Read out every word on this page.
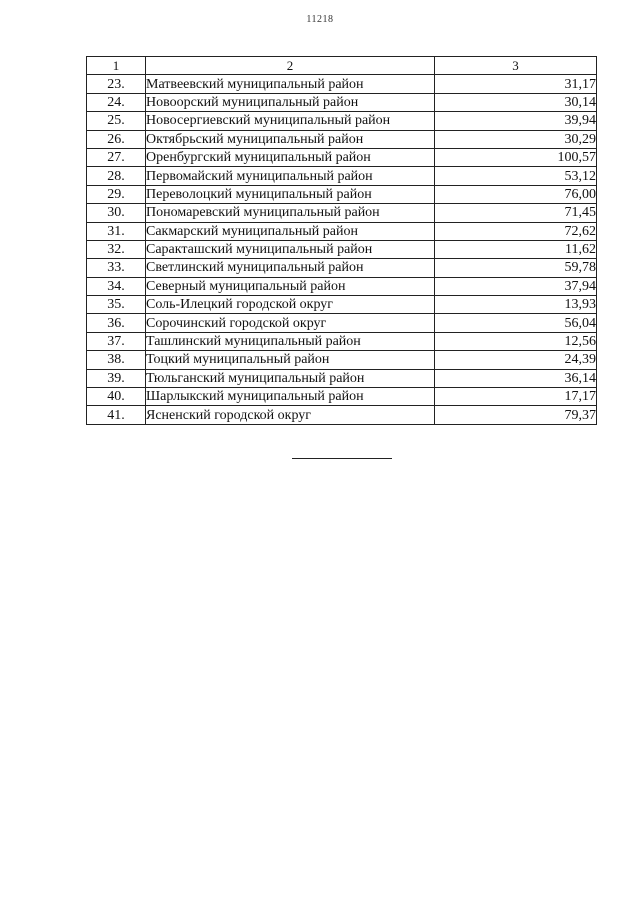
11218
1	2	3
23.	Матвеевский муниципальный район	31,17
24.	Новоорский муниципальный район	30,14
25.	Новосергиевский муниципальный район	39,94
26.	Октябрьский муниципальный район	30,29
27.	Оренбургский муниципальный район	100,57
28.	Первомайский муниципальный район	53,12
29.	Переволоцкий муниципальный район	76,00
30.	Пономаревский муниципальный район	71,45
31.	Сакмарский муниципальный район	72,62
32.	Саракташский муниципальный район	11,62
33.	Светлинский муниципальный район	59,78
34.	Северный муниципальный район	37,94
35.	Соль-Илецкий городской округ	13,93
36.	Сорочинский городской округ	56,04
37.	Ташлинский муниципальный район	12,56
38.	Тоцкий муниципальный район	24,39
39.	Тюльганский муниципальный район	36,14
40.	Шарлыкский муниципальный район	17,17
41.	Ясненский городской округ	79,37
